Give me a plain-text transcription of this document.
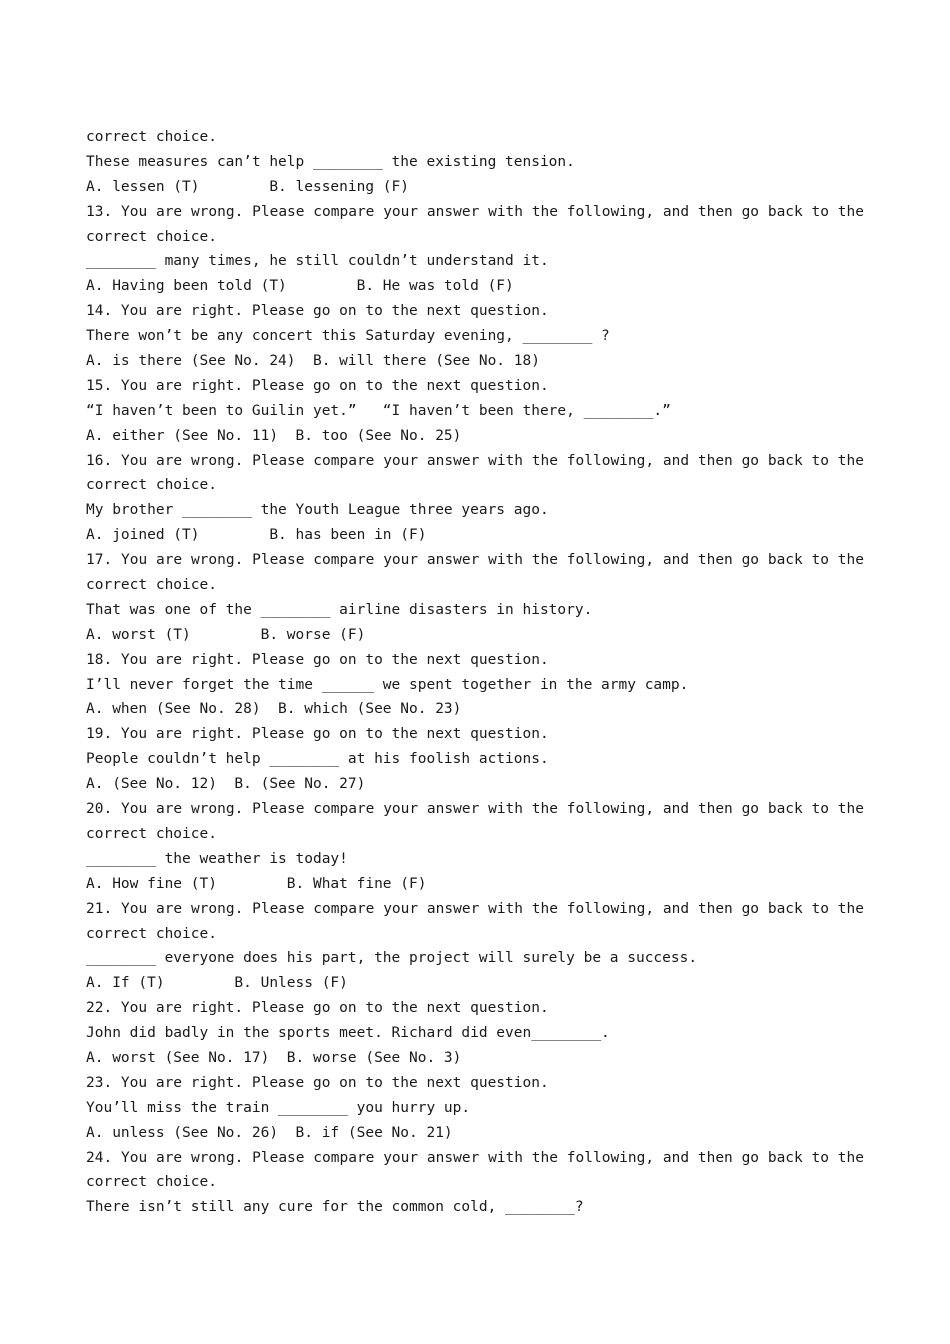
correct choice.
These measures can’t help ________ the existing tension.
A. lessen (T)        B. lessening (F)
13. You are wrong. Please compare your answer with the following, and then go back to the
correct choice.
________ many times, he still couldn’t understand it.
A. Having been told (T)        B. He was told (F)
14. You are right. Please go on to the next question.
There won’t be any concert this Saturday evening, ________ ?
A. is there (See No. 24)  B. will there (See No. 18)
15. You are right. Please go on to the next question.
“I haven’t been to Guilin yet.”   “I haven’t been there, ________.”
A. either (See No. 11)  B. too (See No. 25)
16. You are wrong. Please compare your answer with the following, and then go back to the
correct choice.
My brother ________ the Youth League three years ago.
A. joined (T)        B. has been in (F)
17. You are wrong. Please compare your answer with the following, and then go back to the
correct choice.
That was one of the ________ airline disasters in history.
A. worst (T)        B. worse (F)
18. You are right. Please go on to the next question.
I’ll never forget the time ______ we spent together in the army camp.
A. when (See No. 28)  B. which (See No. 23)
19. You are right. Please go on to the next question.
People couldn’t help ________ at his foolish actions.
A. (See No. 12)  B. (See No. 27)
20. You are wrong. Please compare your answer with the following, and then go back to the
correct choice.
________ the weather is today!
A. How fine (T)        B. What fine (F)
21. You are wrong. Please compare your answer with the following, and then go back to the
correct choice.
________ everyone does his part, the project will surely be a success.
A. If (T)        B. Unless (F)
22. You are right. Please go on to the next question.
John did badly in the sports meet. Richard did even________.
A. worst (See No. 17)  B. worse (See No. 3)
23. You are right. Please go on to the next question.
You’ll miss the train ________ you hurry up.
A. unless (See No. 26)  B. if (See No. 21)
24. You are wrong. Please compare your answer with the following, and then go back to the
correct choice.
There isn’t still any cure for the common cold, ________?
